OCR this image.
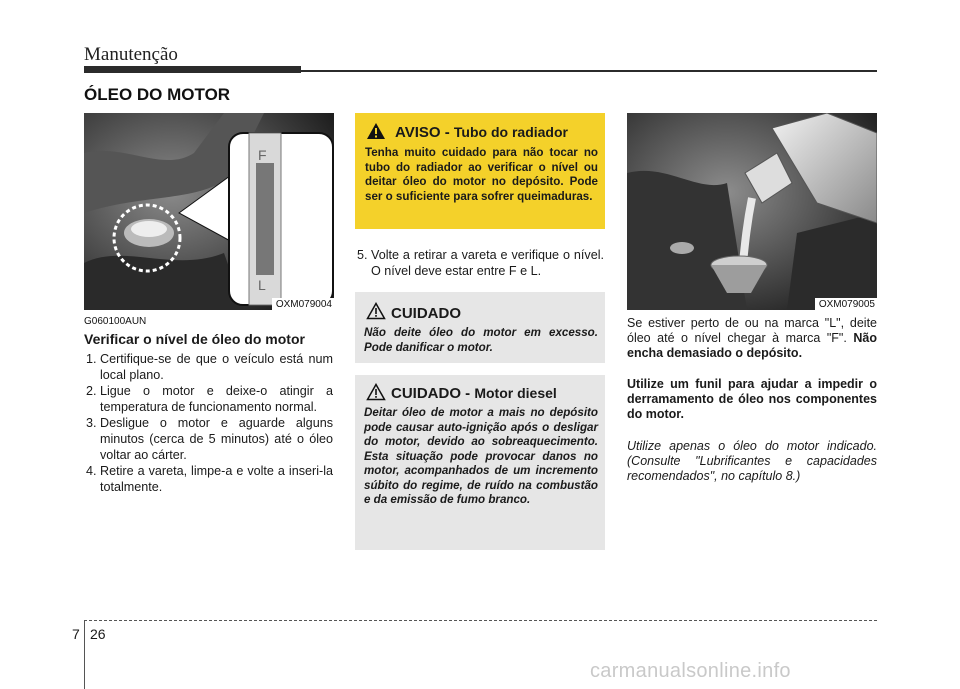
Manutenção
ÓLEO DO MOTOR
F
L
OXM079004
G060100AUN
Verificar o nível de óleo do motor
1. Certifique-se de que o veículo está num local plano.
2. Ligue o motor e deixe-o atingir a temperatura de funcionamento normal.
3. Desligue o motor e aguarde alguns minutos (cerca de 5 minutos) até o óleo voltar ao cárter.
4. Retire a vareta, limpe-a e volte a inseri-la totalmente.
AVISO - Tubo do radiador
Tenha muito cuidado para não tocar no tubo do radiador ao verificar o nível ou deitar óleo do motor no depósito. Pode ser o suficiente para sofrer queimaduras.
5. Volte a retirar a vareta e verifique o nível. O nível deve estar entre F e L.
CUIDADO
Não deite óleo do motor em excesso. Pode danificar o motor.
CUIDADO - Motor diesel
Deitar óleo de motor a mais no depósito pode causar auto-ignição após o desligar do motor, devido ao sobreaquecimento. Esta situação pode provocar danos no motor, acompanhados de um incremento súbito do regime, de ruído na combustão e da emissão de fumo branco.
OXM079005
Se estiver perto de ou na marca "L", deite óleo até o nível chegar à marca "F". Não encha demasiado o depósito.
Utilize um funil para ajudar a impedir o derramamento de óleo nos componentes do motor.
Utilize apenas o óleo do motor indicado. (Consulte "Lubrificantes e capacidades recomendados", no capítulo 8.)
7 26
carmanualsonline.info
